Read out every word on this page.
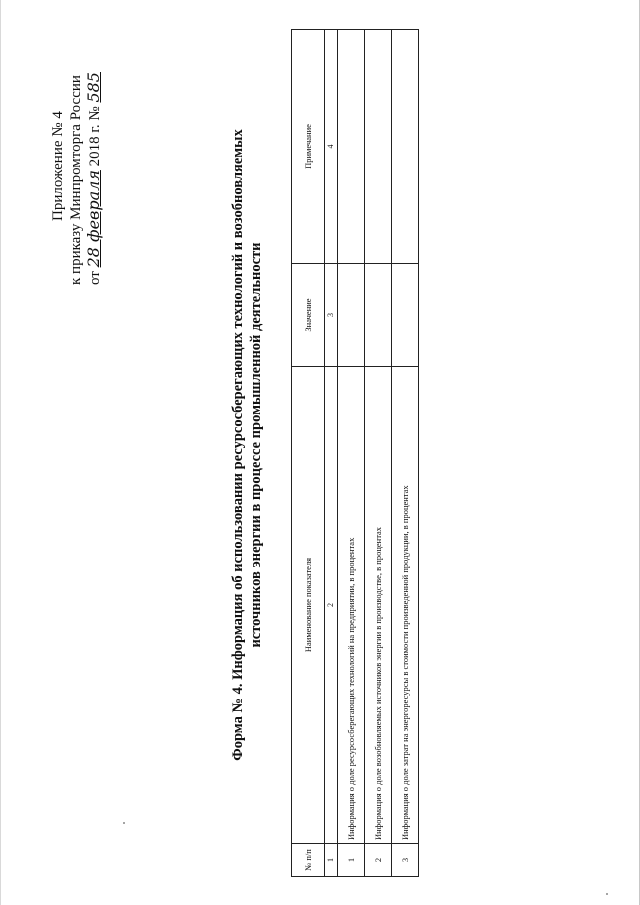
Приложение № 4 к приказу Минпромторга России от 28 февраля 2018 г. № 585
Форма № 4. Информация об использовании ресурсосберегающих технологий и возобновляемых источников энергии в процессе промышленной деятельности
№ п/п	Наименование показателя	Значение	Примечание
1	2	3	4
1	Информация о доле ресурсосберегающих технологий на предприятии, в процентах		
2	Информация о доле возобновляемых источников энергии в производстве, в процентах		
3	Информация о доле затрат на энергоресурсы в стоимости произведенной продукции, в процентах		
